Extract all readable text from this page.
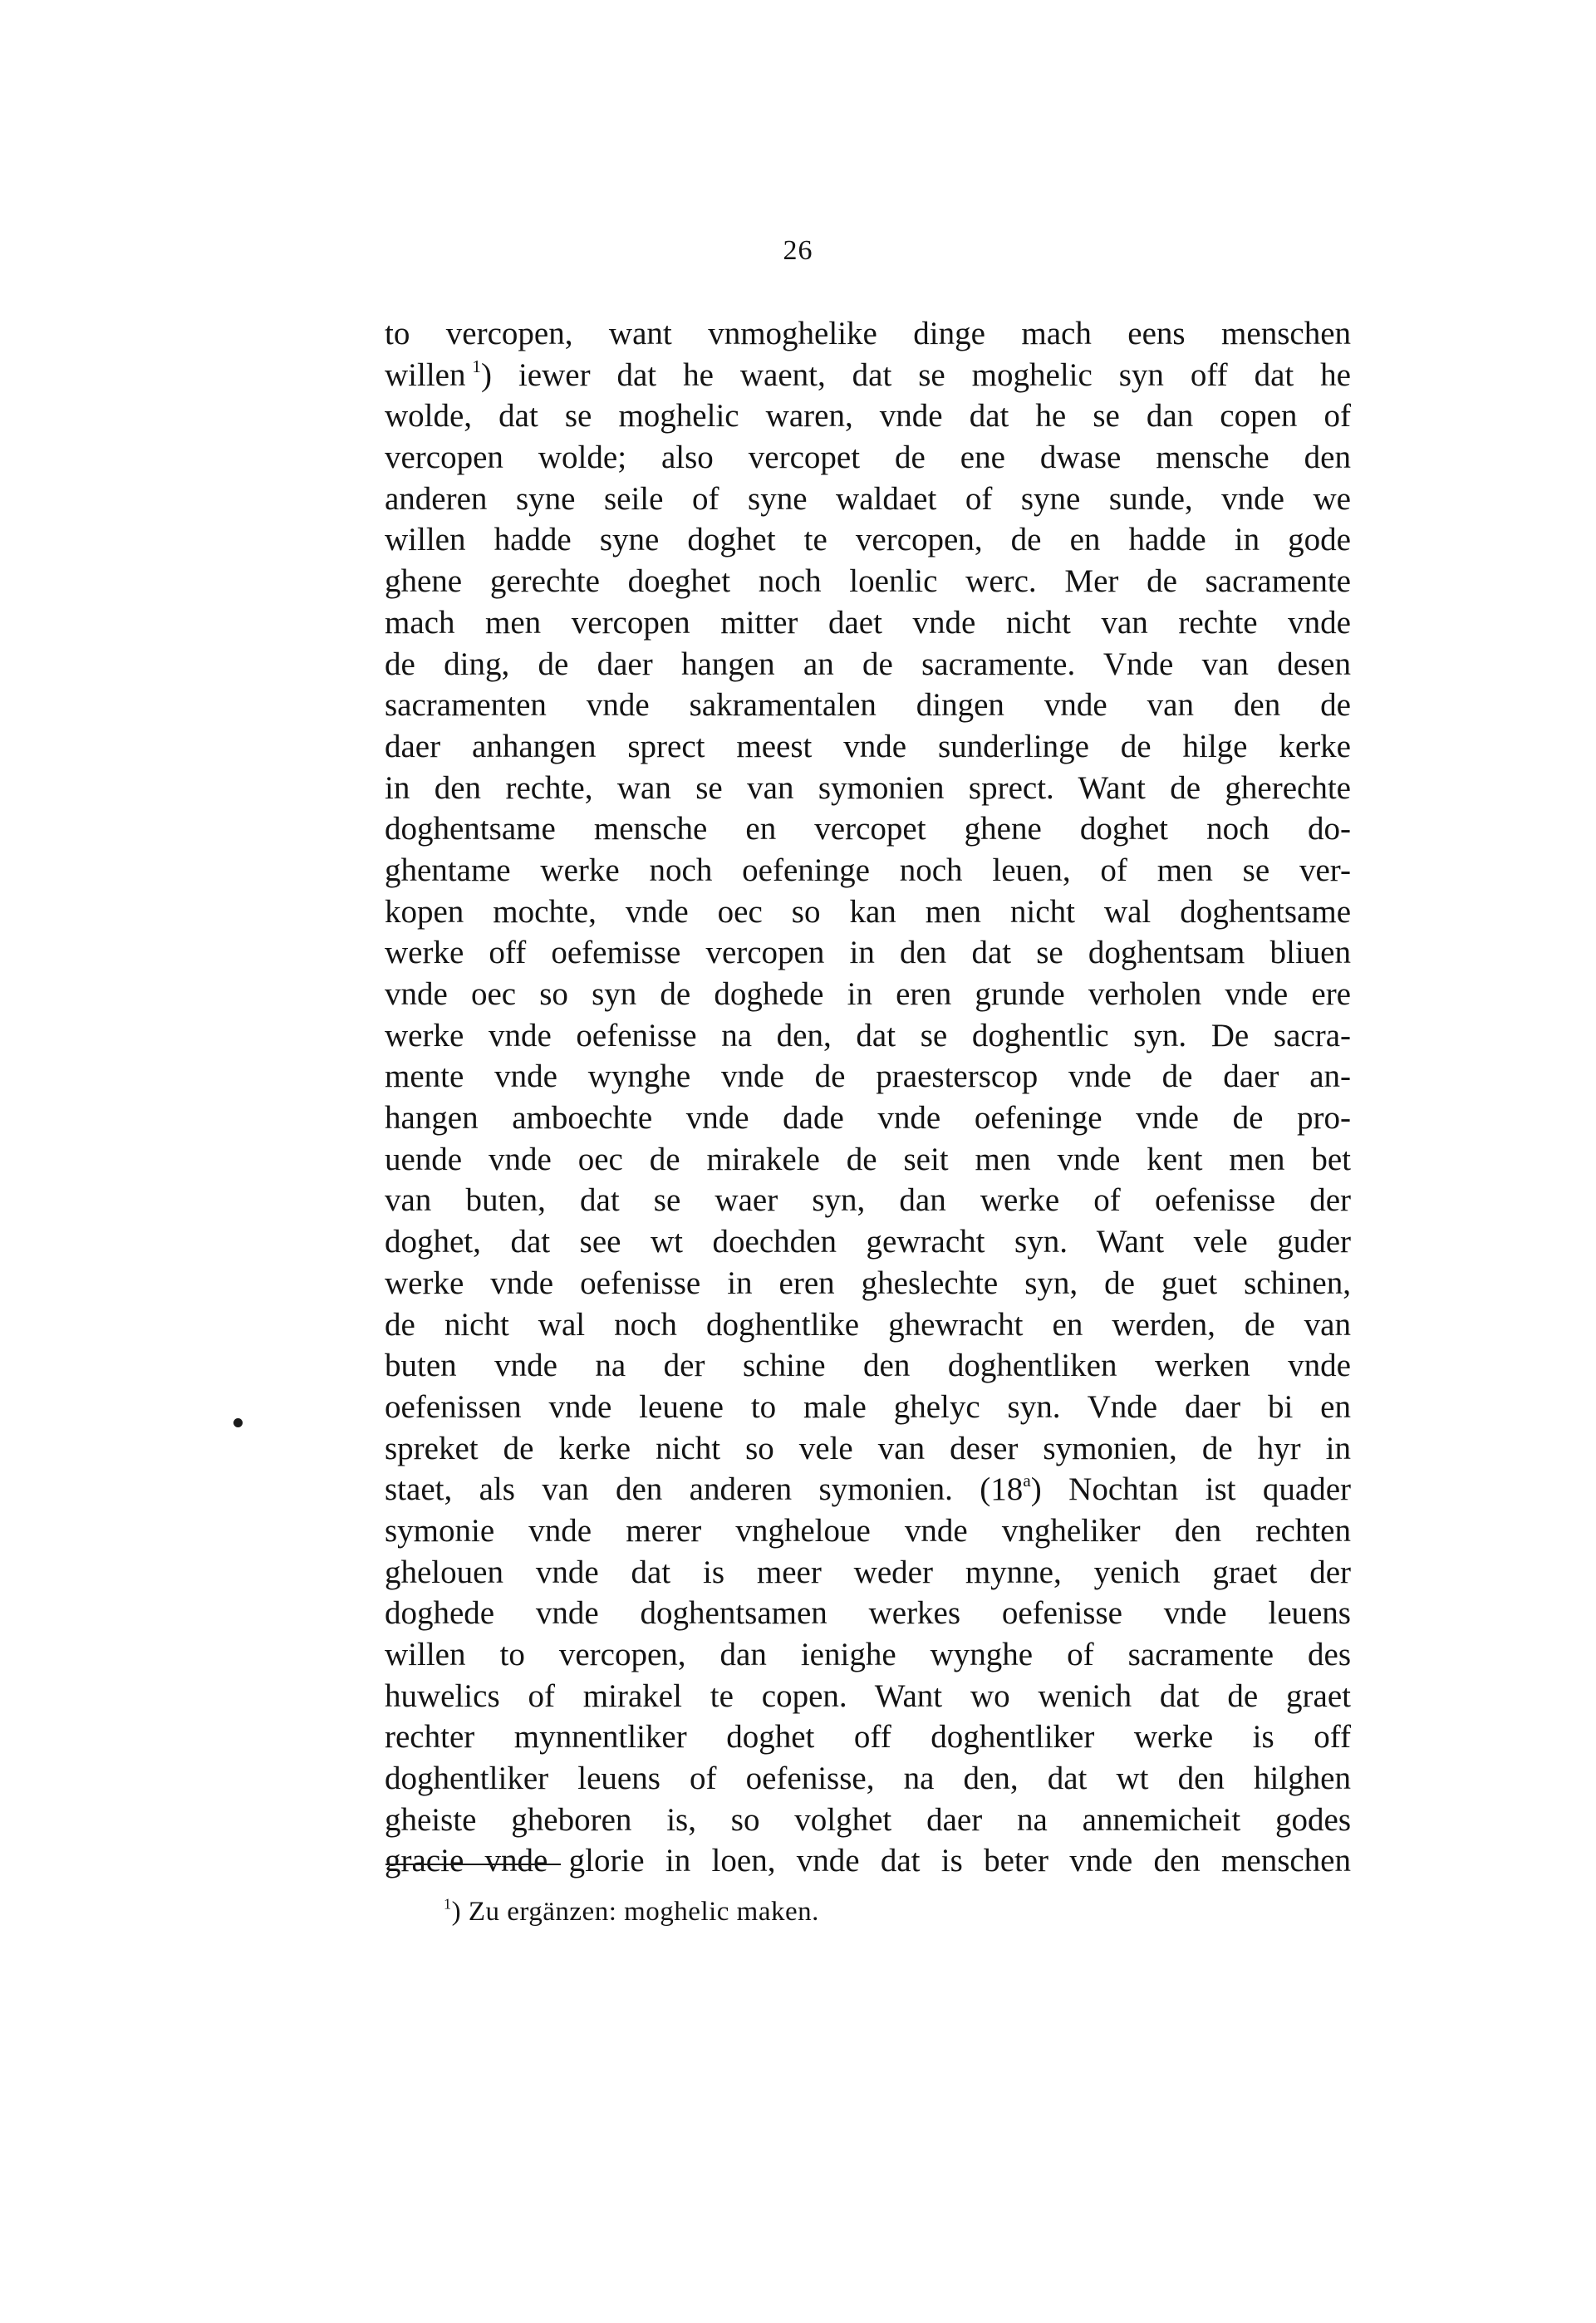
26
to vercopen, want vnmoghelike dinge mach eens menschen
willen  $^1$) iewer dat he waent, dat se moghelic syn off dat he
wolde, dat se moghelic waren, vnde dat he se dan copen of
vercopen wolde; also vercopet de ene dwase mensche den
anderen syne seile of syne waldaet of syne sunde, vnde we
willen hadde syne doghet te vercopen, de en hadde in gode
ghene gerechte doeghet noch loenlic werc. Mer de sacramente
mach men vercopen mitter daet vnde nicht van rechte vnde
de ding, de daer hangen an de sacramente. Vnde van desen
sacramenten vnde sakramentalen dingen vnde van den de
daer anhangen sprect meest vnde sunderlinge de hilge kerke
in den rechte, wan se van symonien sprect. Want de gherechte
doghentsame mensche en vercopet ghene doghet noch do-
ghentame werke noch oefeninge noch leuen, of men se ver-
kopen mochte, vnde oec so kan men nicht wal doghentsame
werke off oefemisse vercopen in den dat se doghentsam bliuen
vnde oec so syn de doghede in eren grunde verholen vnde ere
werke vnde oefenisse na den, dat se doghentlic syn. De sacra-
mente vnde wynghe vnde de praesterscop vnde de daer an-
hangen amboechte vnde dade vnde oefeninge vnde de pro-
uende vnde oec de mirakele de seit men vnde kent men bet
van buten, dat se waer syn, dan werke of oefenisse der
doghet, dat see wt doechden gewracht syn. Want vele guder
werke vnde oefenisse in eren gheslechte syn, de guet schinen,
de nicht wal noch doghentlike ghewracht en werden, de van
buten vnde na der schine den doghentliken werken vnde
oefenissen vnde leuene to male ghelyc syn. Vnde daer bi en
spreket de kerke nicht so vele van deser symonien, de hyr in
staet, als van den anderen symonien. (18$^a$) Nochtan ist quader
symonie vnde merer vngheloue vnde vngheliker den rechten
ghelouen vnde dat is meer weder mynne, yenich graet der
doghede vnde doghentsamen werkes oefenisse vnde leuens
willen to vercopen, dan ienighe wynghe of sacramente des
huwelics of mirakel te copen. Want wo wenich dat de graet
rechter mynnentliker doghet off doghentliker werke is off
doghentliker leuens of oefenisse, na den, dat wt den hilghen
gheiste gheboren is, so volghet daer na annemicheit godes
gracie vnde glorie in loen, vnde dat is beter vnde den menschen
$^1$) Zu ergänzen: moghelic maken.
